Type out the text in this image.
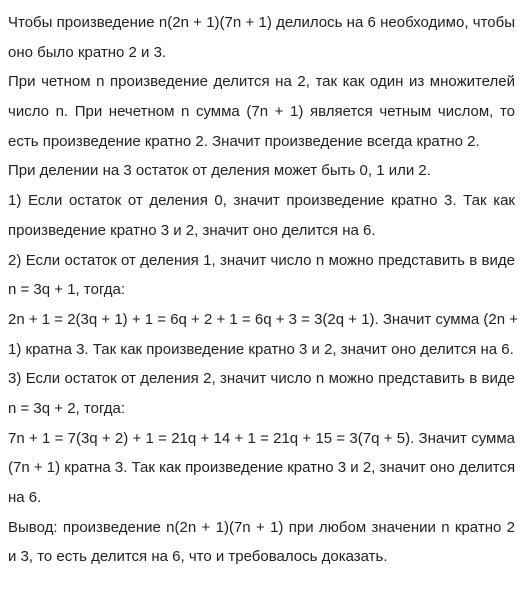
Чтобы произведение n(2n + 1)(7n + 1) делилось на 6 необходимо, чтобы
оно было кратно 2 и 3.
При четном n произведение делится на 2, так как один из множителей
число n. При нечетном n сумма (7n + 1) является четным числом, то
есть произведение кратно 2. Значит произведение всегда кратно 2.
При делении на 3 остаток от деления может быть 0, 1 или 2.
1) Если остаток от деления 0, значит произведение кратно 3. Так как
произведение кратно 3 и 2, значит оно делится на 6.
2) Если остаток от деления 1, значит число n можно представить в виде
n = 3q + 1, тогда:
2n + 1 = 2(3q + 1) + 1 = 6q + 2 + 1 = 6q + 3 = 3(2q + 1). Значит сумма (2n +
1) кратна 3. Так как произведение кратно 3 и 2, значит оно делится на 6.
3) Если остаток от деления 2, значит число n можно представить в виде
n = 3q + 2, тогда:
7n + 1 = 7(3q + 2) + 1 = 21q + 14 + 1 = 21q + 15 = 3(7q + 5). Значит сумма
(7n + 1) кратна 3. Так как произведение кратно 3 и 2, значит оно делится
на 6.
Вывод: произведение n(2n + 1)(7n + 1) при любом значении n кратно 2
и 3, то есть делится на 6, что и требовалось доказать.
